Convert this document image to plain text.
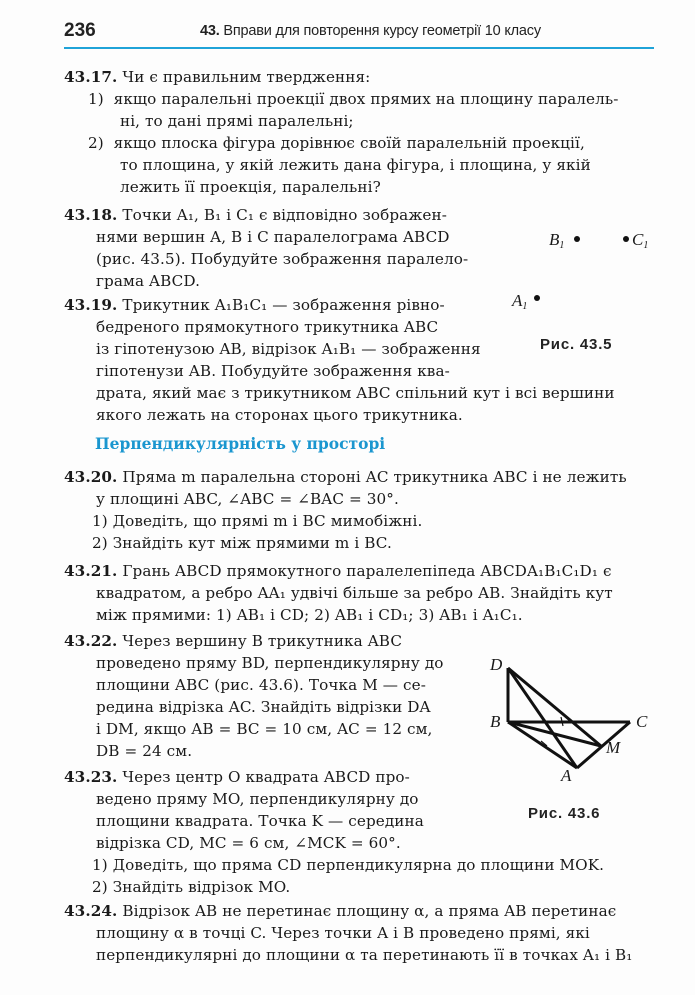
236	43. Вправи для повторення курсу геометрії 10 класу
43.17. Чи є правильним твердження:
1) якщо паралельні проекції двох прямих на площину паралель-
ні, то дані прямі паралельні;
2) якщо плоска фігура дорівнює своїй паралельній проекції,
то площина, у якій лежить дана фігура, і площина, у якій
лежить її проекція, паралельні?
43.18. Точки A₁, B₁ і C₁ є відповідно зображен-
нями вершин A, B і C паралелограма ABCD
(рис. 43.5). Побудуйте зображення паралело-
грама ABCD.
43.19. Трикутник A₁B₁C₁ — зображення рівно-
бедреного прямокутного трикутника ABC
із гіпотенузою AB, відрізок A₁B₁ — зображення
гіпотенузи AB. Побудуйте зображення ква-
драта, який має з трикутником ABC спільний кут і всі вершини
якого лежать на сторонах цього трикутника.
$B_1$	$C_1$
$A_1$
Рис. 43.5
Перпендикулярність у просторі
43.20. Пряма m паралельна стороні AC трикутника ABC і не лежить
у площині ABC, ∠ABC = ∠BAC = 30°.
1) Доведіть, що прямі m і BC мимобіжні.
2) Знайдіть кут між прямими m і BC.
43.21. Грань ABCD прямокутного паралелепіпеда ABCDA₁B₁C₁D₁ є
квадратом, а ребро AA₁ удвічі більше за ребро AB. Знайдіть кут
між прямими: 1) AB₁ і CD; 2) AB₁ і CD₁; 3) AB₁ і A₁C₁.
43.22. Через вершину B трикутника ABC
проведено пряму BD, перпендикулярну до
площини ABC (рис. 43.6). Точка M — се-
редина відрізка AC. Знайдіть відрізки DA
і DM, якщо AB = BC = 10 см, AC = 12 см,
DB = 24 см.
D
B	C
M
A
Рис. 43.6
43.23. Через центр O квадрата ABCD про-
ведено пряму MO, перпендикулярну до
площини квадрата. Точка K — середина
відрізка CD, MC = 6 см, ∠MCK = 60°.
1) Доведіть, що пряма CD перпендикулярна до площини MOK.
2) Знайдіть відрізок MO.
43.24. Відрізок AB не перетинає площину α, а пряма AB перетинає
площину α в точці C. Через точки A і B проведено прямі, які
перпендикулярні до площини α та перетинають її в точках A₁ і B₁
